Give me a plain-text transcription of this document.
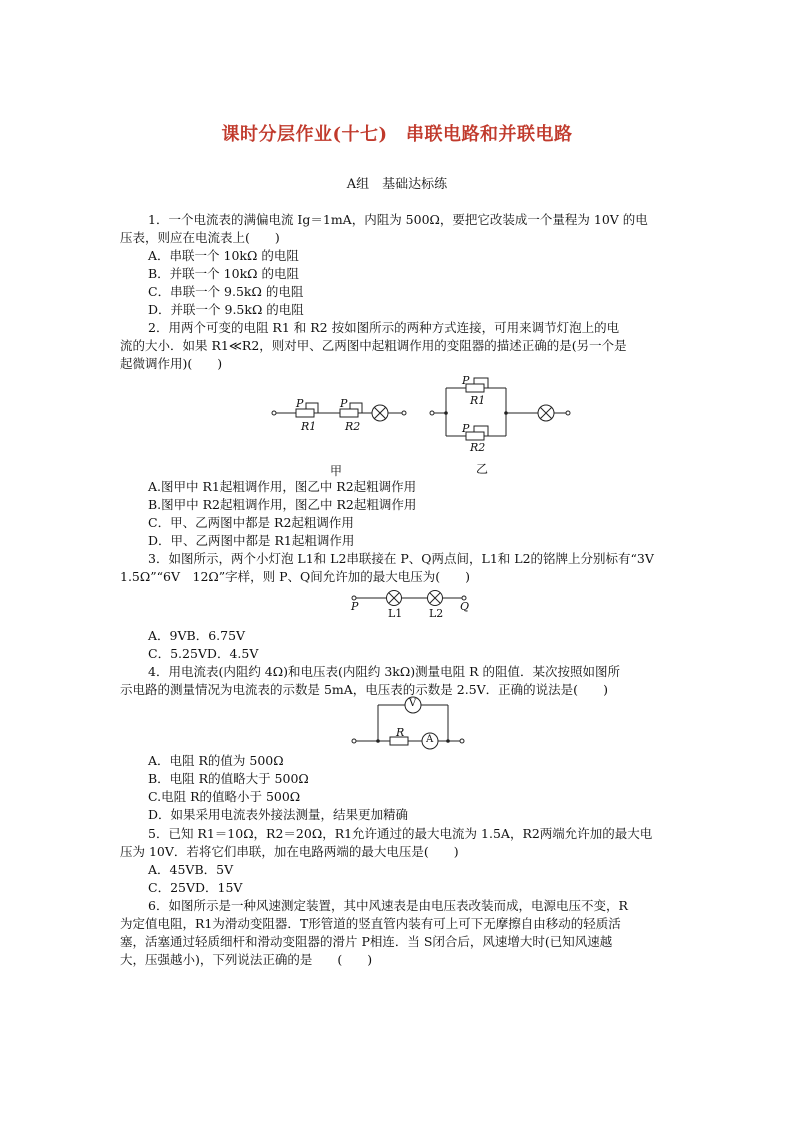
课时分层作业(十七)　串联电路和并联电路
A组　基础达标练
1．一个电流表的满偏电流 Ig＝1mA，内阻为 500Ω，要把它改装成一个量程为 10V 的电
压表，则应在电流表上(　　)
A．串联一个 10kΩ 的电阻
B．并联一个 10kΩ 的电阻
C．串联一个 9.5kΩ 的电阻
D．并联一个 9.5kΩ 的电阻
2．用两个可变的电阻 R1 和 R2 按如图所示的两种方式连接，可用来调节灯泡上的电
流的大小．如果 R1≪R2，则对甲、乙两图中起粗调作用的变阻器的描述正确的是(另一个是
起微调作用)(　　)
P
R1
P
R2
甲
P
R1
P
R2
乙
A.图甲中 R1起粗调作用，图乙中 R2起粗调作用
B.图甲中 R2起粗调作用，图乙中 R2起粗调作用
C．甲、乙两图中都是 R2起粗调作用
D．甲、乙两图中都是 R1起粗调作用
3．如图所示，两个小灯泡 L1和 L2串联接在 P、Q两点间，L1和 L2的铭牌上分别标有“3V
1.5Ω”“6V　12Ω”字样，则 P、Q间允许加的最大电压为(　　)
P
L1 L2
Q
A．9VB．6.75V
C．5.25VD．4.5V
4．用电流表(内阻约 4Ω)和电压表(内阻约 3kΩ)测量电阻 R 的阻值．某次按照如图所
示电路的测量情况为电流表的示数是 5mA，电压表的示数是 2.5V．正确的说法是(　　)
V
R
A
A．电阻 R的值为 500Ω
B．电阻 R的值略大于 500Ω
C.电阻 R的值略小于 500Ω
D．如果采用电流表外接法测量，结果更加精确
5．已知 R1＝10Ω，R2＝20Ω，R1允许通过的最大电流为 1.5A，R2两端允许加的最大电
压为 10V．若将它们串联，加在电路两端的最大电压是(　　)
A．45VB．5V
C．25VD．15V
6．如图所示是一种风速测定装置，其中风速表是由电压表改装而成，电源电压不变，R
为定值电阻，R1为滑动变阻器．T形管道的竖直管内装有可上可下无摩擦自由移动的轻质活
塞，活塞通过轻质细杆和滑动变阻器的滑片 P相连．当 S闭合后，风速增大时(已知风速越
大，压强越小)，下列说法正确的是　　(　　)
